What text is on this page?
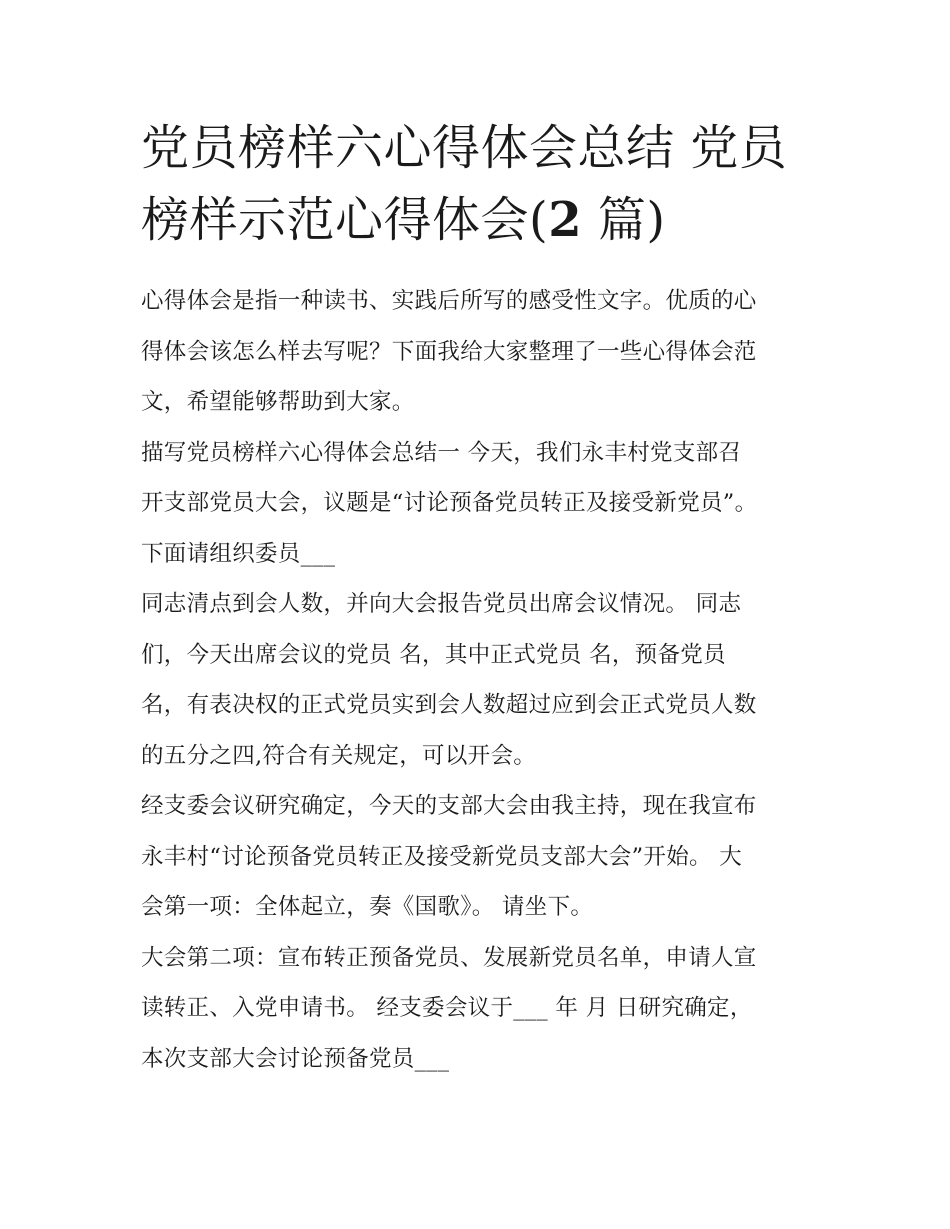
党员榜样六心得体会总结 党员
榜样示范心得体会(2 篇)
心得体会是指一种读书、实践后所写的感受性文字。优质的心
得体会该怎么样去写呢？下面我给大家整理了一些心得体会范
文，希望能够帮助到大家。
描写党员榜样六心得体会总结一 今天，我们永丰村党支部召
开支部党员大会，议题是“讨论预备党员转正及接受新党员”。
下面请组织委员___
同志清点到会人数，并向大会报告党员出席会议情况。 同志
们，今天出席会议的党员 名，其中正式党员 名，预备党员
名，有表决权的正式党员实到会人数超过应到会正式党员人数
的五分之四,符合有关规定，可以开会。
经支委会议研究确定，今天的支部大会由我主持，现在我宣布
永丰村“讨论预备党员转正及接受新党员支部大会”开始。 大
会第一项：全体起立，奏《国歌》。 请坐下。
大会第二项：宣布转正预备党员、发展新党员名单，申请人宣
读转正、入党申请书。 经支委会议于___ 年 月 日研究确定，
本次支部大会讨论预备党员___
